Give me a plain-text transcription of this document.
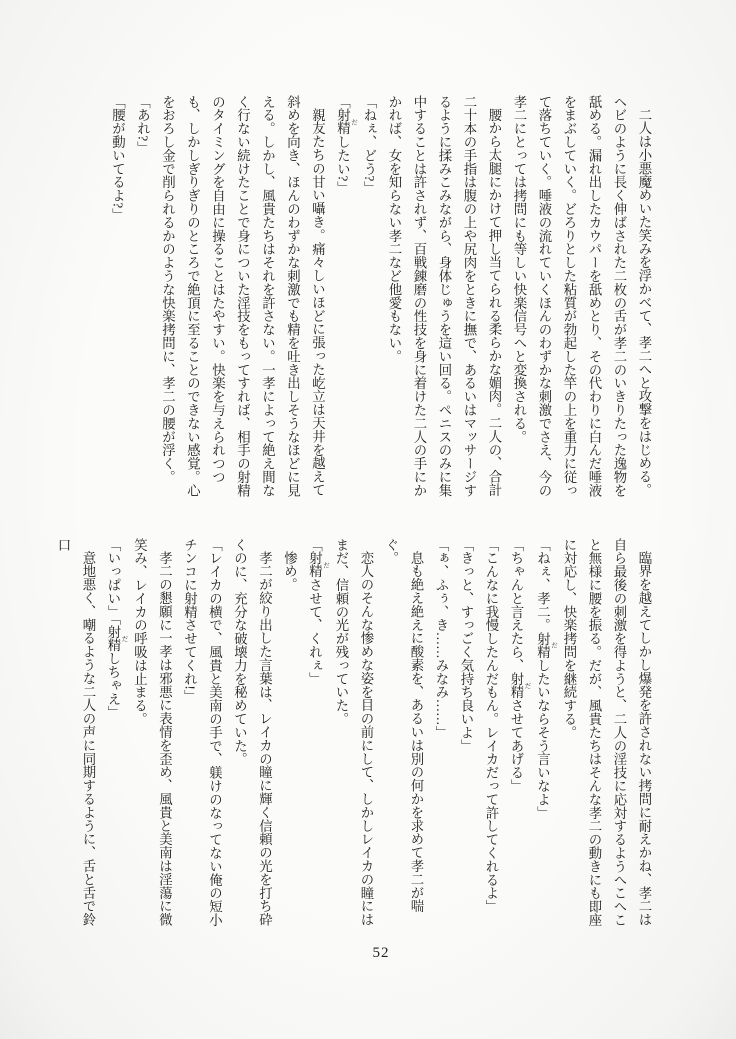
二人は小悪魔めいた笑みを浮かべて、孝二へと攻撃をはじめる。ヘビのように長く伸ばされた二枚の舌が孝二のいきりたった逸物を舐める。漏れ出したカウパーを舐めとり、その代わりに白んだ唾液をまぶしていく。どろりとした粘質が勃起した竿の上を重力に従って落ちていく。唾液の流れていくほんのわずかな刺激でさえ、今の孝二にとっては拷問にも等しい快楽信号へと変換される。

腰から太腿にかけて押し当てられる柔らかな媚肉。二人の、合計二十本の手指は腹の上や尻肉をときに撫で、あるいはマッサージするように揉みこみながら、身体じゅうを這い回る。ペニスのみに集中することは許されず、百戦錬磨の性技を身に着けた二人の手にかかれば、女を知らない孝二など他愛もない。

「ねぇ、どう?」

「射精 だしたい?」

親友たちの甘い囁き。痛々しいほどに張った屹立は天井を越えて斜めを向き、ほんのわずかな刺激でも精を吐き出しそうなほどに見える。しかし、風貴たちはそれを許さない。一孝によって絶え間なく行ない続けたことで身についた淫技をもってすれば、相手の射精のタイミングを自由に操ることはたやすい。快楽を与えられつつも、しかしぎりぎりのところで絶頂に至ることのできない感覚。心をおろし金で削られるかのような快楽拷問に、孝二の腰が浮く。

「あれ?」

「腰が動いてるよ?」

臨界を越えてしかし爆発を許されない拷問に耐えかね、孝二は自ら最後の刺激を得ようと、二人の淫技に応対するようへこへこと無様に腰を振る。だが、風貴たちはそんな孝二の動きにも即座に対応し、快楽拷問を継続する。

「ねぇ、孝二。射精 だしたいならそう言いなよ」

「ちゃんと言えたら、射精 ださせてあげる」

「こんなに我慢したんだもん。レイカだって許してくれるよ」

「きっと、すっごく気持ち良いよ」

「ぁ、ふぅ、き……みなみ……」

息も絶え絶えに酸素を、あるいは別の何かを求めて孝二が喘ぐ。

恋人のそんな惨めな姿を目の前にして、しかしレイカの瞳にはまだ、信頼の光が残っていた。

「射精 ださせて、くれぇ」

惨め。

孝二が絞り出した言葉は、レイカの瞳に輝く信頼の光を打ち砕くのに、充分な破壊力を秘めていた。

「レイカの横で、風貴と美南の手で、躾けのなってない俺の短小チンコに射精させてくれ!」

孝二の懇願に一孝は邪悪に表情を歪め、風貴と美南は淫蕩に微笑み、レイカの呼吸は止まる。

「いっぱい」「射精 だしちゃえ」

意地悪く、嘲るような二人の声に同期するように、舌と舌で鈴口

52
